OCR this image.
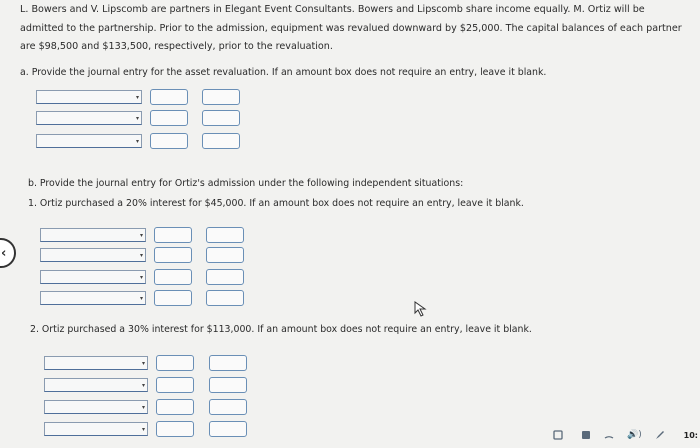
L. Bowers and V. Lipscomb are partners in Elegant Event Consultants. Bowers and Lipscomb share income equally. M. Ortiz will be admitted to the partnership. Prior to the admission, equipment was revalued downward by $25,000. The capital balances of each partner are $98,500 and $133,500, respectively, prior to the revaluation.
a. Provide the journal entry for the asset revaluation. If an amount box does not require an entry, leave it blank.
▾
▾
▾
b. Provide the journal entry for Ortiz's admission under the following independent situations:
1. Ortiz purchased a 20% interest for $45,000. If an amount box does not require an entry, leave it blank.
▾
▾
▾
▾
2. Ortiz purchased a 30% interest for $113,000. If an amount box does not require an entry, leave it blank.
▾
▾
▾
▾
‹
🔊)	10:
